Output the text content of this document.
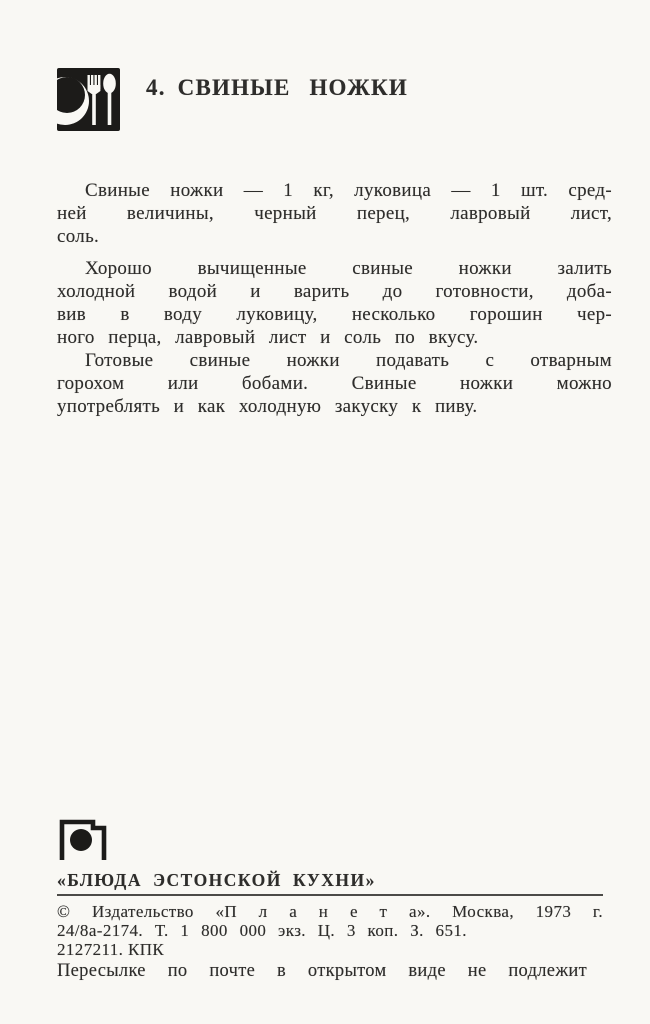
4. СВИНЫЕ НОЖКИ

Свиные ножки — 1 кг, луковица — 1 шт. сред-
ней величины, черный перец, лавровый лист,
соль.

Хорошо вычищенные свиные ножки залить
холодной водой и варить до готовности, доба-
вив в воду луковицу, несколько горошин чер-
ного перца, лавровый лист и соль по вкусу.

Готовые свиные ножки подавать с отварным
горохом или бобами. Свиные ножки можно
употреблять и как холодную закуску к пиву.

«БЛЮДА ЭСТОНСКОЙ КУХНИ»
© Издательство «П л а н е т а». Москва, 1973 г.
24/8а-2174. Т. 1 800 000 экз. Ц. 3 коп. З. 651.
2127211. КПК
Пересылке по почте в открытом виде не подлежит
